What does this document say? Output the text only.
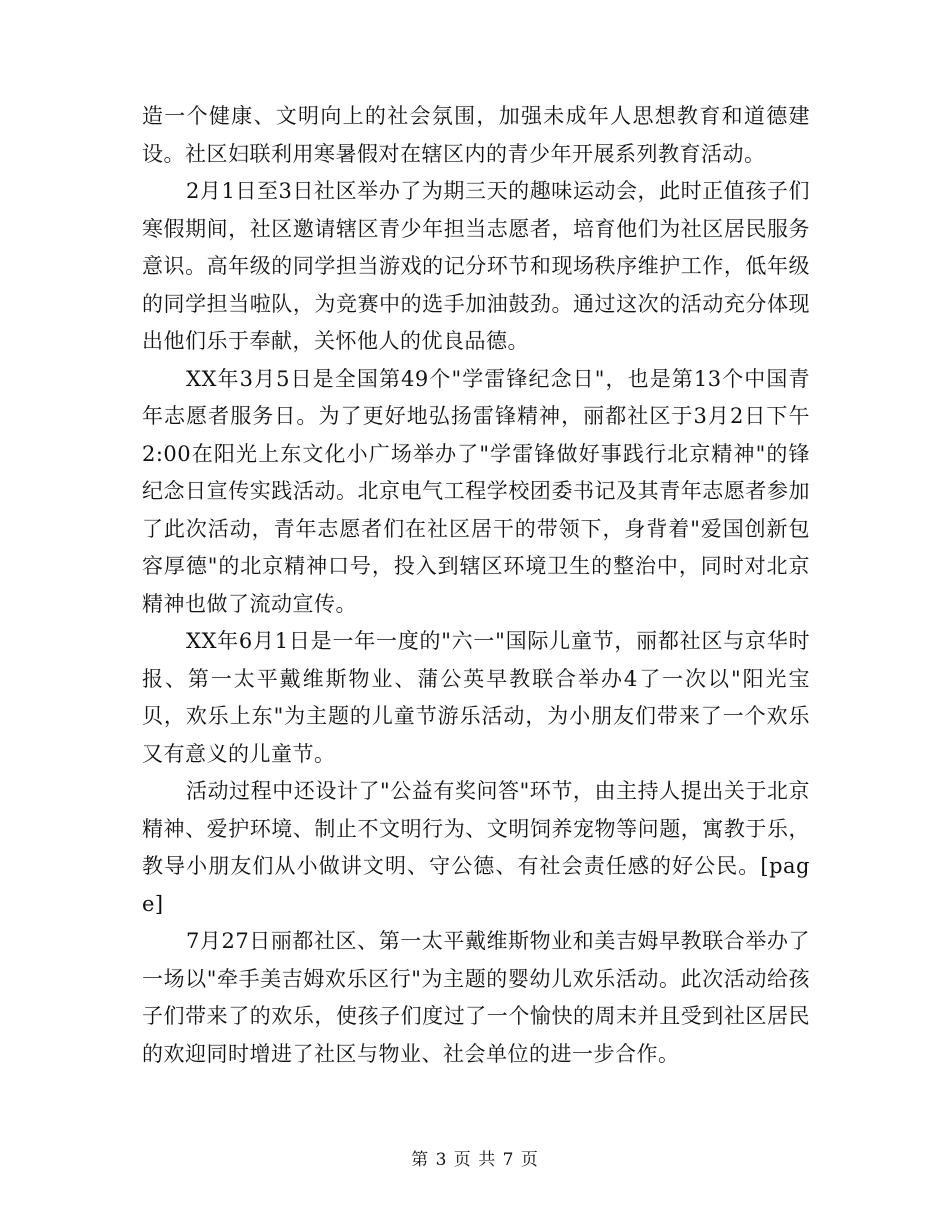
造一个健康、文明向上的社会氛围，加强未成年人思想教育和道德建设。社区妇联利用寒暑假对在辖区内的青少年开展系列教育活动。

2月1日至3日社区举办了为期三天的趣味运动会，此时正值孩子们寒假期间，社区邀请辖区青少年担当志愿者，培育他们为社区居民服务意识。高年级的同学担当游戏的记分环节和现场秩序维护工作，低年级的同学担当啦队，为竞赛中的选手加油鼓劲。通过这次的活动充分体现出他们乐于奉献，关怀他人的优良品德。

XX年3月5日是全国第49个"学雷锋纪念日"，也是第13个中国青年志愿者服务日。为了更好地弘扬雷锋精神，丽都社区于3月2日下午2:00在阳光上东文化小广场举办了"学雷锋做好事践行北京精神"的锋纪念日宣传实践活动。北京电气工程学校团委书记及其青年志愿者参加了此次活动，青年志愿者们在社区居干的带领下，身背着"爱国创新包容厚德"的北京精神口号，投入到辖区环境卫生的整治中，同时对北京精神也做了流动宣传。

XX年6月1日是一年一度的"六一"国际儿童节，丽都社区与京华时报、第一太平戴维斯物业、蒲公英早教联合举办4了一次以"阳光宝贝，欢乐上东"为主题的儿童节游乐活动，为小朋友们带来了一个欢乐又有意义的儿童节。

活动过程中还设计了"公益有奖问答"环节，由主持人提出关于北京精神、爱护环境、制止不文明行为、文明饲养宠物等问题，寓教于乐，教导小朋友们从小做讲文明、守公德、有社会责任感的好公民。[page]

7月27日丽都社区、第一太平戴维斯物业和美吉姆早教联合举办了一场以"牵手美吉姆欢乐区行"为主题的婴幼儿欢乐活动。此次活动给孩子们带来了的欢乐，使孩子们度过了一个愉快的周末并且受到社区居民的欢迎同时增进了社区与物业、社会单位的进一步合作。

第 3 页 共 7 页
